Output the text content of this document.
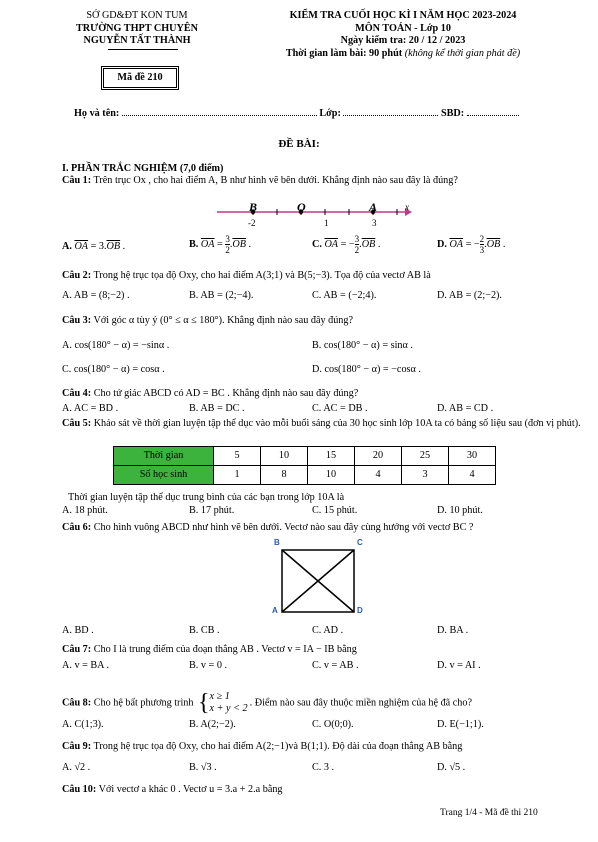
SỞ GD&ĐT KON TUM
TRƯỜNG THPT CHUYÊN
NGUYỄN TẤT THÀNH
KIỂM TRA CUỐI HỌC KÌ I NĂM HỌC 2023-2024
MÔN TOÁN - Lớp 10
Ngày kiểm tra: 20 / 12 / 2023
Thời gian làm bài: 90 phút (không kể thời gian phát đề)
Mã đề 210
Họ và tên:	Lớp:	SBD:
ĐỀ BÀI:
I. PHẦN TRẮC NGHIỆM (7,0 điểm)
Câu 1: Trên trục Ox , cho hai điểm A, B như hình vẽ bên dưới. Khẳng định nào sau đây là đúng?
B	O	A	x
-2	1	3
A. $\overline{OA} = 3.\overline{OB}$ .	B. $\overline{OA} = \frac{3}{2} .\overline{OB}$ .	C. $\overline{OA}$ = − $\frac{3}{2} .\overline{OB}$ .	D. $\overline{OA}$ = − $\frac{2}{3} .\overline{OB}$ .
Câu 2: Trong hệ trục tọa độ Oxy, cho hai điểm A(3;1) và B(5;−3). Tọa độ của vectơ AB là
A. AB = (8;−2) .	B. AB = (2;−4).	C. AB = (−2;4).	D. AB = (2;−2).
Câu 3: Với góc α tùy ý (0° ≤ α ≤ 180°). Khẳng định nào sau đây đúng?
A. cos(180° − α) = −sinα .	B. cos(180° − α) = sinα .
C. cos(180° − α) = cosα .	D. cos(180° − α) = −cosα .
Câu 4: Cho tứ giác ABCD có AD = BC . Khẳng định nào sau đây đúng?
A. AC = BD .	B. AB = DC .	C. AC = DB .	D. AB = CD .
Câu 5: Khảo sát về thời gian luyện tập thể dục vào mỗi buổi sáng của 30 học sinh lớp 10A ta có bảng số liệu sau (đơn vị phút).
Thời gian	5	10	15	20	25	30
Số học sinh	1	8	10	4	3	4
Thời gian luyện tập thể dục trung bình của các bạn trong lớp 10A là
A. 18 phút.	B. 17 phút.	C. 15 phút.	D. 10 phút.
Câu 6: Cho hình vuông ABCD như hình vẽ bên dưới. Vectơ nào sau đây cùng hướng với vectơ BC ?
B	C
A	D
A. BD .	B. CB .	C. AD .	D. BA .
Câu 7: Cho I là trung điểm của đoạn thẳng AB . Vectơ v = IA − IB bằng
A. v = BA .	B. v = 0 .	C. v = AB .	D. v = AI .
Câu 8: Cho hệ bất phương trình { x ≥ 1
x + y < 2
. Điểm nào sau đây thuộc miền nghiệm của hệ đã cho?
A. C(1;3).	B. A(2;−2).	C. O(0;0).	D. E(−1;1).
Câu 9: Trong hệ trục tọa độ Oxy, cho hai điểm A(2;−1)và B(1;1). Độ dài của đoạn thẳng AB bằng
A. √2 .	B. √3 .	C. 3 .	D. √5 .
Câu 10: Với vectơ a khác 0 . Vectơ u = 3.a + 2.a bằng
Trang 1/4 - Mã đề thi 210
